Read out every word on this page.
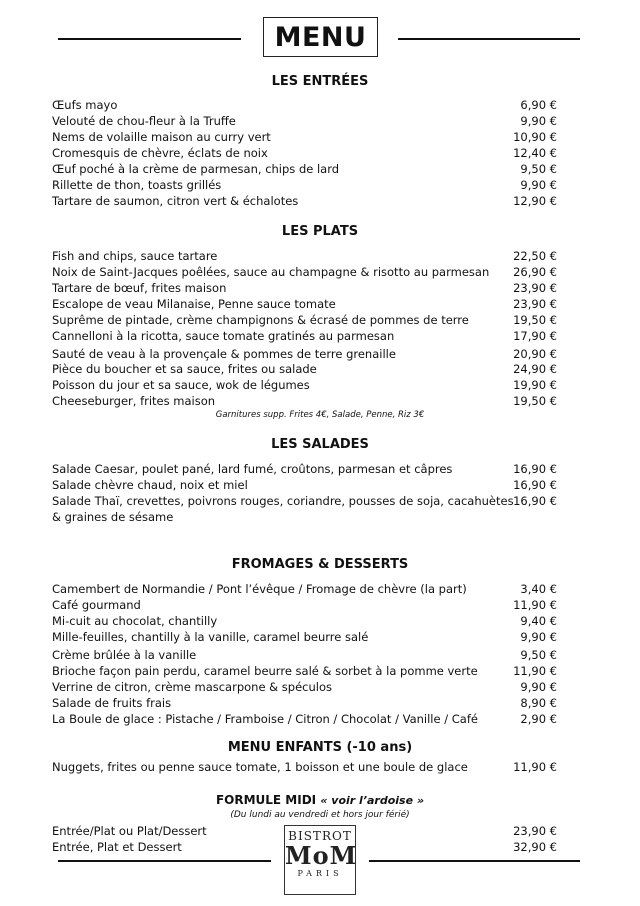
MENU
LES ENTRÉES
Œufs mayo	6,90 €
Velouté de chou-fleur à la Truffe	9,90 €
Nems de volaille maison au curry vert	10,90 €
Cromesquis de chèvre, éclats de noix	12,40 €
Œuf poché à la crème de parmesan, chips de lard	9,50 €
Rillette de thon, toasts grillés	9,90 €
Tartare de saumon, citron vert & échalotes	12,90 €
LES PLATS
Fish and chips, sauce tartare	22,50 €
Noix de Saint-Jacques poêlées, sauce au champagne & risotto au parmesan 26,90 €
Tartare de bœuf, frites maison	23,90 €
Escalope de veau Milanaise, Penne sauce tomate	23,90 €
Suprême de pintade, crème champignons & écrasé de pommes de terre	19,50 €
Cannelloni à la ricotta, sauce tomate gratinés au parmesan	17,90 €
Sauté de veau à la provençale & pommes de terre grenaille	20,90 €
Pièce du boucher et sa sauce, frites ou salade	24,90 €
Poisson du jour et sa sauce, wok de légumes	19,90 €
Cheeseburger, frites maison	19,50 €
Garnitures supp. Frites 4€, Salade, Penne, Riz 3€
LES SALADES
Salade Caesar, poulet pané, lard fumé, croûtons, parmesan et câpres	16,90 €
Salade chèvre chaud, noix et miel	16,90 €
Salade Thaï, crevettes, poivrons rouges, coriandre, pousses de soja, cacahuètes 16,90 €
& graines de sésame
FROMAGES & DESSERTS
Camembert de Normandie / Pont l’évêque / Fromage de chèvre (la part)	3,40 €
Café gourmand	11,90 €
Mi-cuit au chocolat, chantilly	9,40 €
Mille-feuilles, chantilly à la vanille, caramel beurre salé	9,90 €
Crème brûlée à la vanille	9,50 €
Brioche façon pain perdu, caramel beurre salé & sorbet à la pomme verte	11,90 €
Verrine de citron, crème mascarpone & spéculos	9,90 €
Salade de fruits frais	8,90 €
La Boule de glace : Pistache / Framboise / Citron / Chocolat / Vanille / Café	2,90 €
MENU ENFANTS (-10 ans)
Nuggets, frites ou penne sauce tomate, 1 boisson et une boule de glace	11,90 €
FORMULE MIDI « voir l’ardoise »
(Du lundi au vendredi et hors jour férié)
Entrée/Plat ou Plat/Dessert	23,90 €
Entrée, Plat et Dessert	32,90 €
BISTROT
MoM
PARIS
